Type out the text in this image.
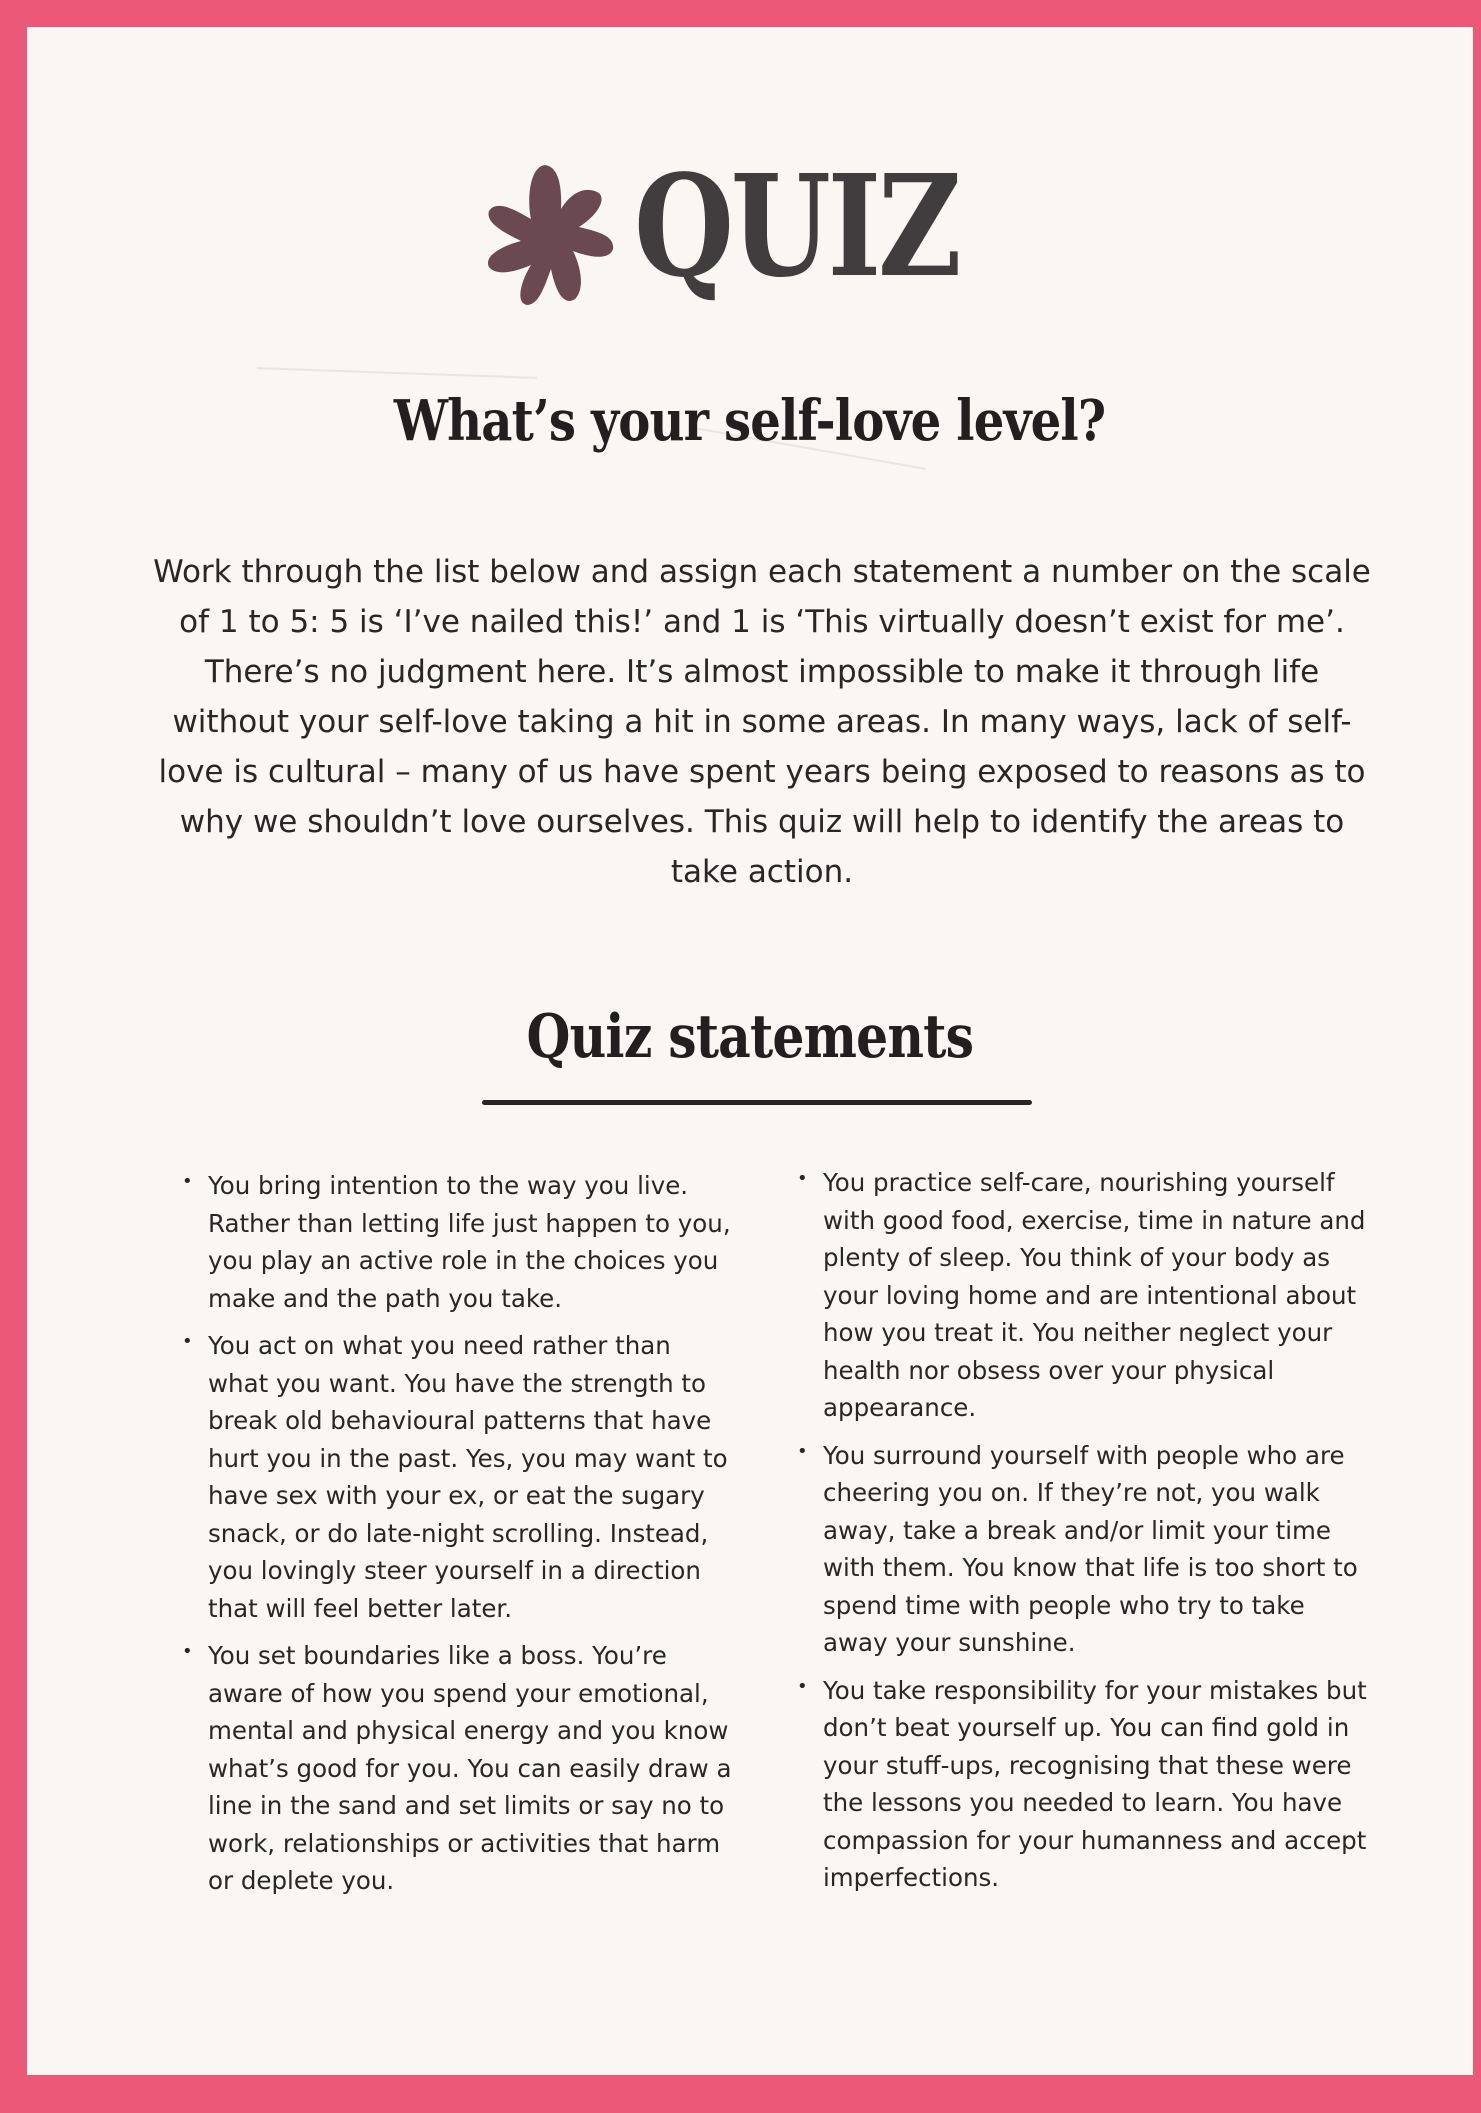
QUIZ
What’s your self-love level?

Work through the list below and assign each statement a number on the scale of 1 to 5: 5 is ‘I’ve nailed this!’ and 1 is ‘This virtually doesn’t exist for me’. There’s no judgment here. It’s almost impossible to make it through life without your self-love taking a hit in some areas. In many ways, lack of self-love is cultural – many of us have spent years being exposed to reasons as to why we shouldn’t love ourselves. This quiz will help to identify the areas to take action.

Quiz statements
• You bring intention to the way you live. Rather than letting life just happen to you, you play an active role in the choices you make and the path you take.
• You act on what you need rather than what you want. You have the strength to break old behavioural patterns that have hurt you in the past. Yes, you may want to have sex with your ex, or eat the sugary snack, or do late-night scrolling. Instead, you lovingly steer yourself in a direction that will feel better later.
• You set boundaries like a boss. You’re aware of how you spend your emotional, mental and physical energy and you know what’s good for you. You can easily draw a line in the sand and set limits or say no to work, relationships or activities that harm or deplete you.
• You practice self-care, nourishing yourself with good food, exercise, time in nature and plenty of sleep. You think of your body as your loving home and are intentional about how you treat it. You neither neglect your health nor obsess over your physical appearance.
• You surround yourself with people who are cheering you on. If they’re not, you walk away, take a break and/or limit your time with them. You know that life is too short to spend time with people who try to take away your sunshine.
• You take responsibility for your mistakes but don’t beat yourself up. You can find gold in your stuff-ups, recognising that these were the lessons you needed to learn. You have compassion for your humanness and accept imperfections.
